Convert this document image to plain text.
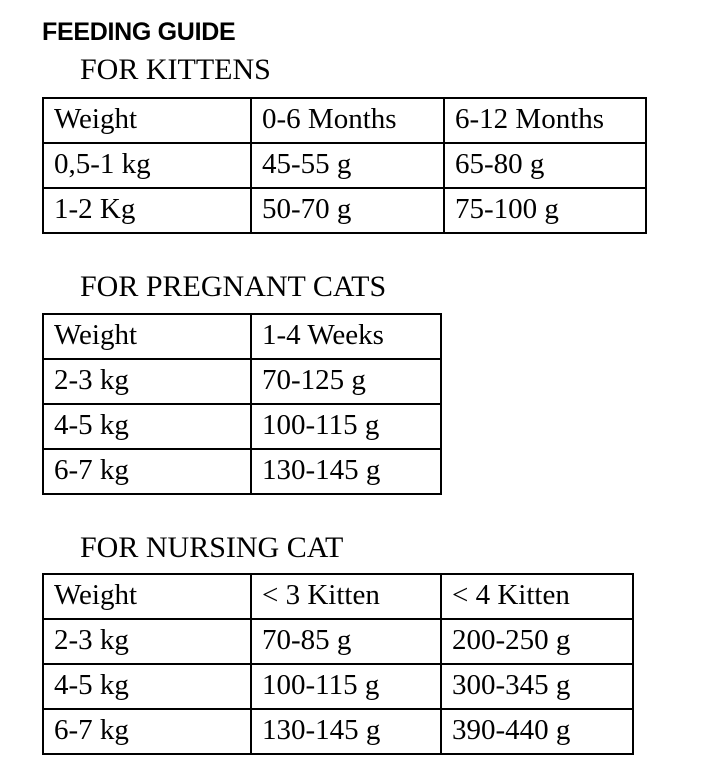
FEEDING GUIDE
FOR KITTENS
Weight	0-6 Months	6-12 Months
0,5-1 kg	45-55 g	65-80 g
1-2 Kg	50-70 g	75-100 g
FOR PREGNANT CATS
Weight	1-4 Weeks
2-3 kg	70-125 g
4-5 kg	100-115 g
6-7 kg	130-145 g
FOR NURSING CAT
Weight	< 3 Kitten	< 4 Kitten
2-3 kg	70-85 g	200-250 g
4-5 kg	100-115 g	300-345 g
6-7 kg	130-145 g	390-440 g
